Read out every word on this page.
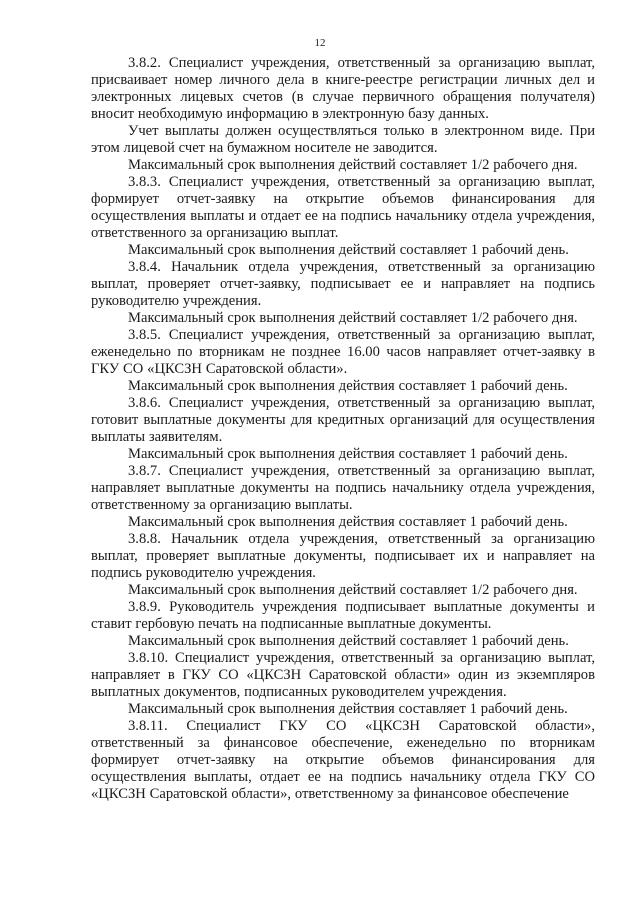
12

3.8.2. Специалист учреждения, ответственный за организацию выплат, присваивает номер личного дела в книге-реестре регистрации личных дел и электронных лицевых счетов (в случае первичного обращения получателя) вносит необходимую информацию в электронную базу данных.

Учет выплаты должен осуществляться только в электронном виде. При этом лицевой счет на бумажном носителе не заводится.

Максимальный срок выполнения действий составляет 1/2 рабочего дня.

3.8.3. Специалист учреждения, ответственный за организацию выплат, формирует отчет-заявку на открытие объемов финансирования для осуществления выплаты и отдает ее на подпись начальнику отдела учреждения, ответственного за организацию выплат.

Максимальный срок выполнения действий составляет 1 рабочий день.

3.8.4. Начальник отдела учреждения, ответственный за организацию выплат, проверяет отчет-заявку, подписывает ее и направляет на подпись руководителю учреждения.

Максимальный срок выполнения действий составляет 1/2 рабочего дня.

3.8.5. Специалист учреждения, ответственный за организацию выплат, еженедельно по вторникам не позднее 16.00 часов направляет отчет-заявку в ГКУ СО «ЦКСЗН Саратовской области».

Максимальный срок выполнения действия составляет 1 рабочий день.

3.8.6. Специалист учреждения, ответственный за организацию выплат, готовит выплатные документы для кредитных организаций для осуществления выплаты заявителям.

Максимальный срок выполнения действия составляет 1 рабочий день.

3.8.7. Специалист учреждения, ответственный за организацию выплат, направляет выплатные документы на подпись начальнику отдела учреждения, ответственному за организацию выплаты.

Максимальный срок выполнения действия составляет 1 рабочий день.

3.8.8. Начальник отдела учреждения, ответственный за организацию выплат, проверяет выплатные документы, подписывает их и направляет на подпись руководителю учреждения.

Максимальный срок выполнения действий составляет 1/2 рабочего дня.

3.8.9. Руководитель учреждения подписывает выплатные документы и ставит гербовую печать на подписанные выплатные документы.

Максимальный срок выполнения действий составляет 1 рабочий день.

3.8.10. Специалист учреждения, ответственный за организацию выплат, направляет в ГКУ СО «ЦКСЗН Саратовской области» один из экземпляров выплатных документов, подписанных руководителем учреждения.

Максимальный срок выполнения действия составляет 1 рабочий день.

3.8.11. Специалист ГКУ СО «ЦКСЗН Саратовской области», ответственный за финансовое обеспечение, еженедельно по вторникам формирует отчет-заявку на открытие объемов финансирования для осуществления выплаты, отдает ее на подпись начальнику отдела ГКУ СО «ЦКСЗН Саратовской области», ответственному за финансовое обеспечение
